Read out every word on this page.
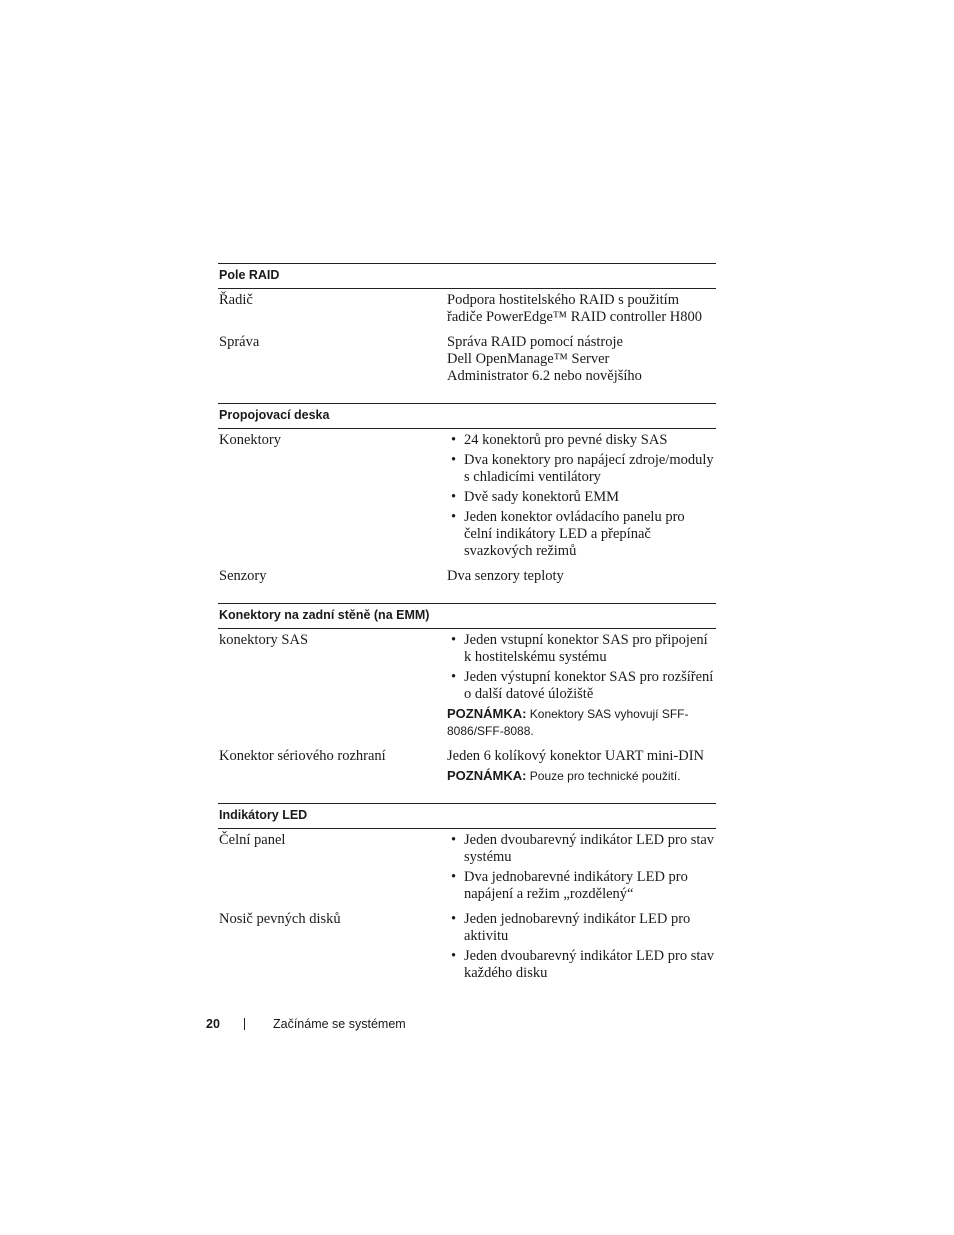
Pole RAID
Řadič	Podpora hostitelského RAID s použitím
řadiče PowerEdge™ RAID controller H800
Správa	Správa RAID pomocí nástroje
Dell OpenManage™ Server
Administrator 6.2 nebo novějšího
Propojovací deska
Konektory	• 24 konektorů pro pevné disky SAS
• Dva konektory pro napájecí zdroje/moduly s chladicími ventilátory
• Dvě sady konektorů EMM
• Jeden konektor ovládacího panelu pro čelní indikátory LED a přepínač svazkových režimů
Senzory	Dva senzory teploty
Konektory na zadní stěně (na EMM)
konektory SAS	• Jeden vstupní konektor SAS pro připojení k hostitelskému systému
• Jeden výstupní konektor SAS pro rozšíření o další datové úložiště
POZNÁMKA: Konektory SAS vyhovují SFF-8086/SFF-8088.
Konektor sériového rozhraní	Jeden 6 kolíkový konektor UART mini-DIN
POZNÁMKA: Pouze pro technické použití.
Indikátory LED
Čelní panel	• Jeden dvoubarevný indikátor LED pro stav systému
• Dva jednobarevné indikátory LED pro napájení a režim „rozdělený“
Nosič pevných disků	• Jeden jednobarevný indikátor LED pro aktivitu
• Jeden dvoubarevný indikátor LED pro stav každého disku
20	Začínáme se systémem
